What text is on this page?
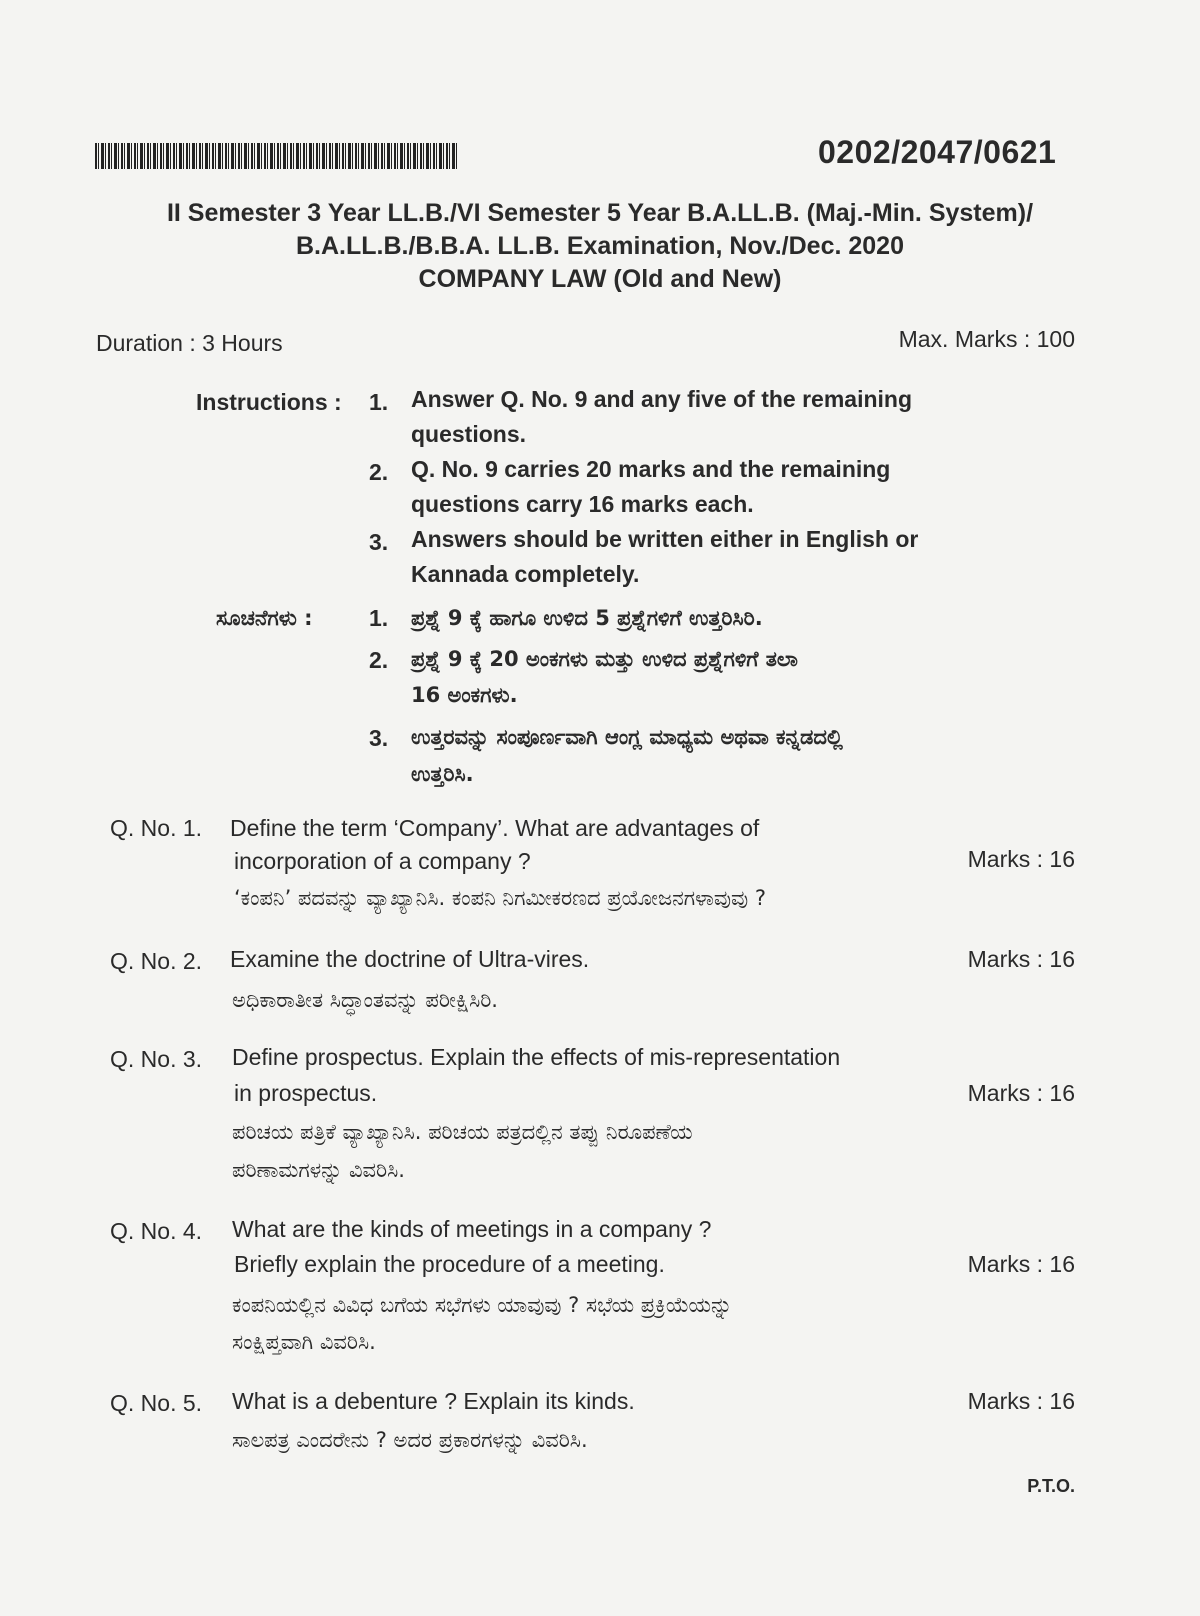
0202/2047/0621
II Semester 3 Year LL.B./VI Semester 5 Year B.A.LL.B. (Maj.-Min. System)/
B.A.LL.B./B.B.A. LL.B. Examination, Nov./Dec. 2020
COMPANY LAW (Old and New)
Duration : 3 Hours	Max. Marks : 100
Instructions : 1. Answer Q. No. 9 and any five of the remaining
questions.
2. Q. No. 9 carries 20 marks and the remaining
questions carry 16 marks each.
3. Answers should be written either in English or
Kannada completely.
ಸೂಚನೆಗಳು : 1. ಪ್ರಶ್ನೆ 9 ಕ್ಕೆ ಹಾಗೂ ಉಳಿದ 5 ಪ್ರಶ್ನೆಗಳಿಗೆ ಉತ್ತರಿಸಿರಿ.
2. ಪ್ರಶ್ನೆ 9 ಕ್ಕೆ 20 ಅಂಕಗಳು ಮತ್ತು ಉಳಿದ ಪ್ರಶ್ನೆಗಳಿಗೆ ತಲಾ
16 ಅಂಕಗಳು.
3. ಉತ್ತರವನ್ನು ಸಂಪೂರ್ಣವಾಗಿ ಆಂಗ್ಲ ಮಾಧ್ಯಮ ಅಥವಾ ಕನ್ನಡದಲ್ಲಿ
ಉತ್ತರಿಸಿ.
Q. No. 1. Define the term ‘Company’. What are advantages of
incorporation of a company ?	Marks : 16
‘ಕಂಪನಿ’ ಪದವನ್ನು ವ್ಯಾಖ್ಯಾನಿಸಿ. ಕಂಪನಿ ನಿಗಮೀಕರಣದ ಪ್ರಯೋಜನಗಳಾವುವು ?
Q. No. 2. Examine the doctrine of Ultra-vires.	Marks : 16
ಅಧಿಕಾರಾತೀತ ಸಿದ್ಧಾಂತವನ್ನು ಪರೀಕ್ಷಿಸಿರಿ.
Q. No. 3. Define prospectus. Explain the effects of mis-representation
in prospectus.	Marks : 16
ಪರಿಚಯ ಪತ್ರಿಕೆ ವ್ಯಾಖ್ಯಾನಿಸಿ. ಪರಿಚಯ ಪತ್ರದಲ್ಲಿನ ತಪ್ಪು ನಿರೂಪಣೆಯ
ಪರಿಣಾಮಗಳನ್ನು ವಿವರಿಸಿ.
Q. No. 4. What are the kinds of meetings in a company ?
Briefly explain the procedure of a meeting.	Marks : 16
ಕಂಪನಿಯಲ್ಲಿನ ವಿವಿಧ ಬಗೆಯ ಸಭೆಗಳು ಯಾವುವು ? ಸಭೆಯ ಪ್ರಕ್ರಿಯೆಯನ್ನು
ಸಂಕ್ಷಿಪ್ತವಾಗಿ ವಿವರಿಸಿ.
Q. No. 5. What is a debenture ? Explain its kinds.	Marks : 16
ಸಾಲಪತ್ರ ಎಂದರೇನು ? ಅದರ ಪ್ರಕಾರಗಳನ್ನು ವಿವರಿಸಿ.
P.T.O.
